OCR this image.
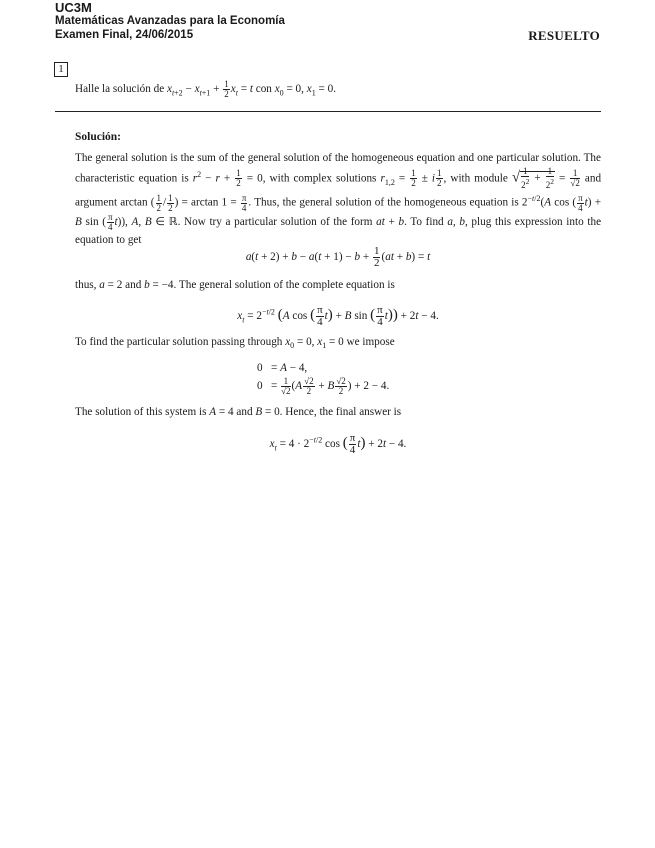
UC3M
Matemáticas Avanzadas para la Economía
Examen Final, 24/06/2015	RESUELTO
1
Halle la solución de $x_{t+2} - x_{t+1} + \frac{1}{2} x_t = t$ con $x_0 = 0$, $x_1 = 0$.
Solución:
The general solution is the sum of the general solution of the homogeneous equation and one particular solution. The characteristic equation is $r^2 - r + \frac{1}{2} = 0$, with complex solutions $r_{1,2} = \frac{1}{2} \pm i \frac{1}{2}$ , with module √ $\frac{1}{2^2} + \frac{1}{2^2} = \frac{1}{√2}$ and argument arctan ( $\frac{1}{2} / \frac{1}{2}$ ) = $\arctan 1 = \frac{\pi}{4}$ . Thus, the general solution of the homogeneous equation is $2^{-t/2}(A$ cos ( $\frac{\pi}{4} t) + B$ sin ( $\frac{\pi}{4} t$)), A, B ∈ ℝ. Now try a particular solution of the form at + b. To find a, b, plug this expression into the equation to get
$a(t + 2) + b - a(t + 1) - b + \frac{1}{2} (at + b) = t$
thus, a = 2 and b = −4. The general solution of the complete equation is
$x_t = 2^{-t/2}$ (A cos ( $\frac{\pi}{4} t) + B$ sin ( $\frac{\pi}{4} t)) + 2t - 4$.
To find the particular solution passing through $x_0 = 0$, $x_1 = 0$ we impose
0   = A − 4,
$0 = \frac{1}{√2} (A \frac{√2}{2} + B \frac{√2}{2}$ ) + 2 − 4.
The solution of this system is A = 4 and B = 0. Hence, the final answer is
$x_t = 4 \cdot 2^{-t/2}$ cos ( $\frac{\pi}{4} t) + 2t - 4$.
